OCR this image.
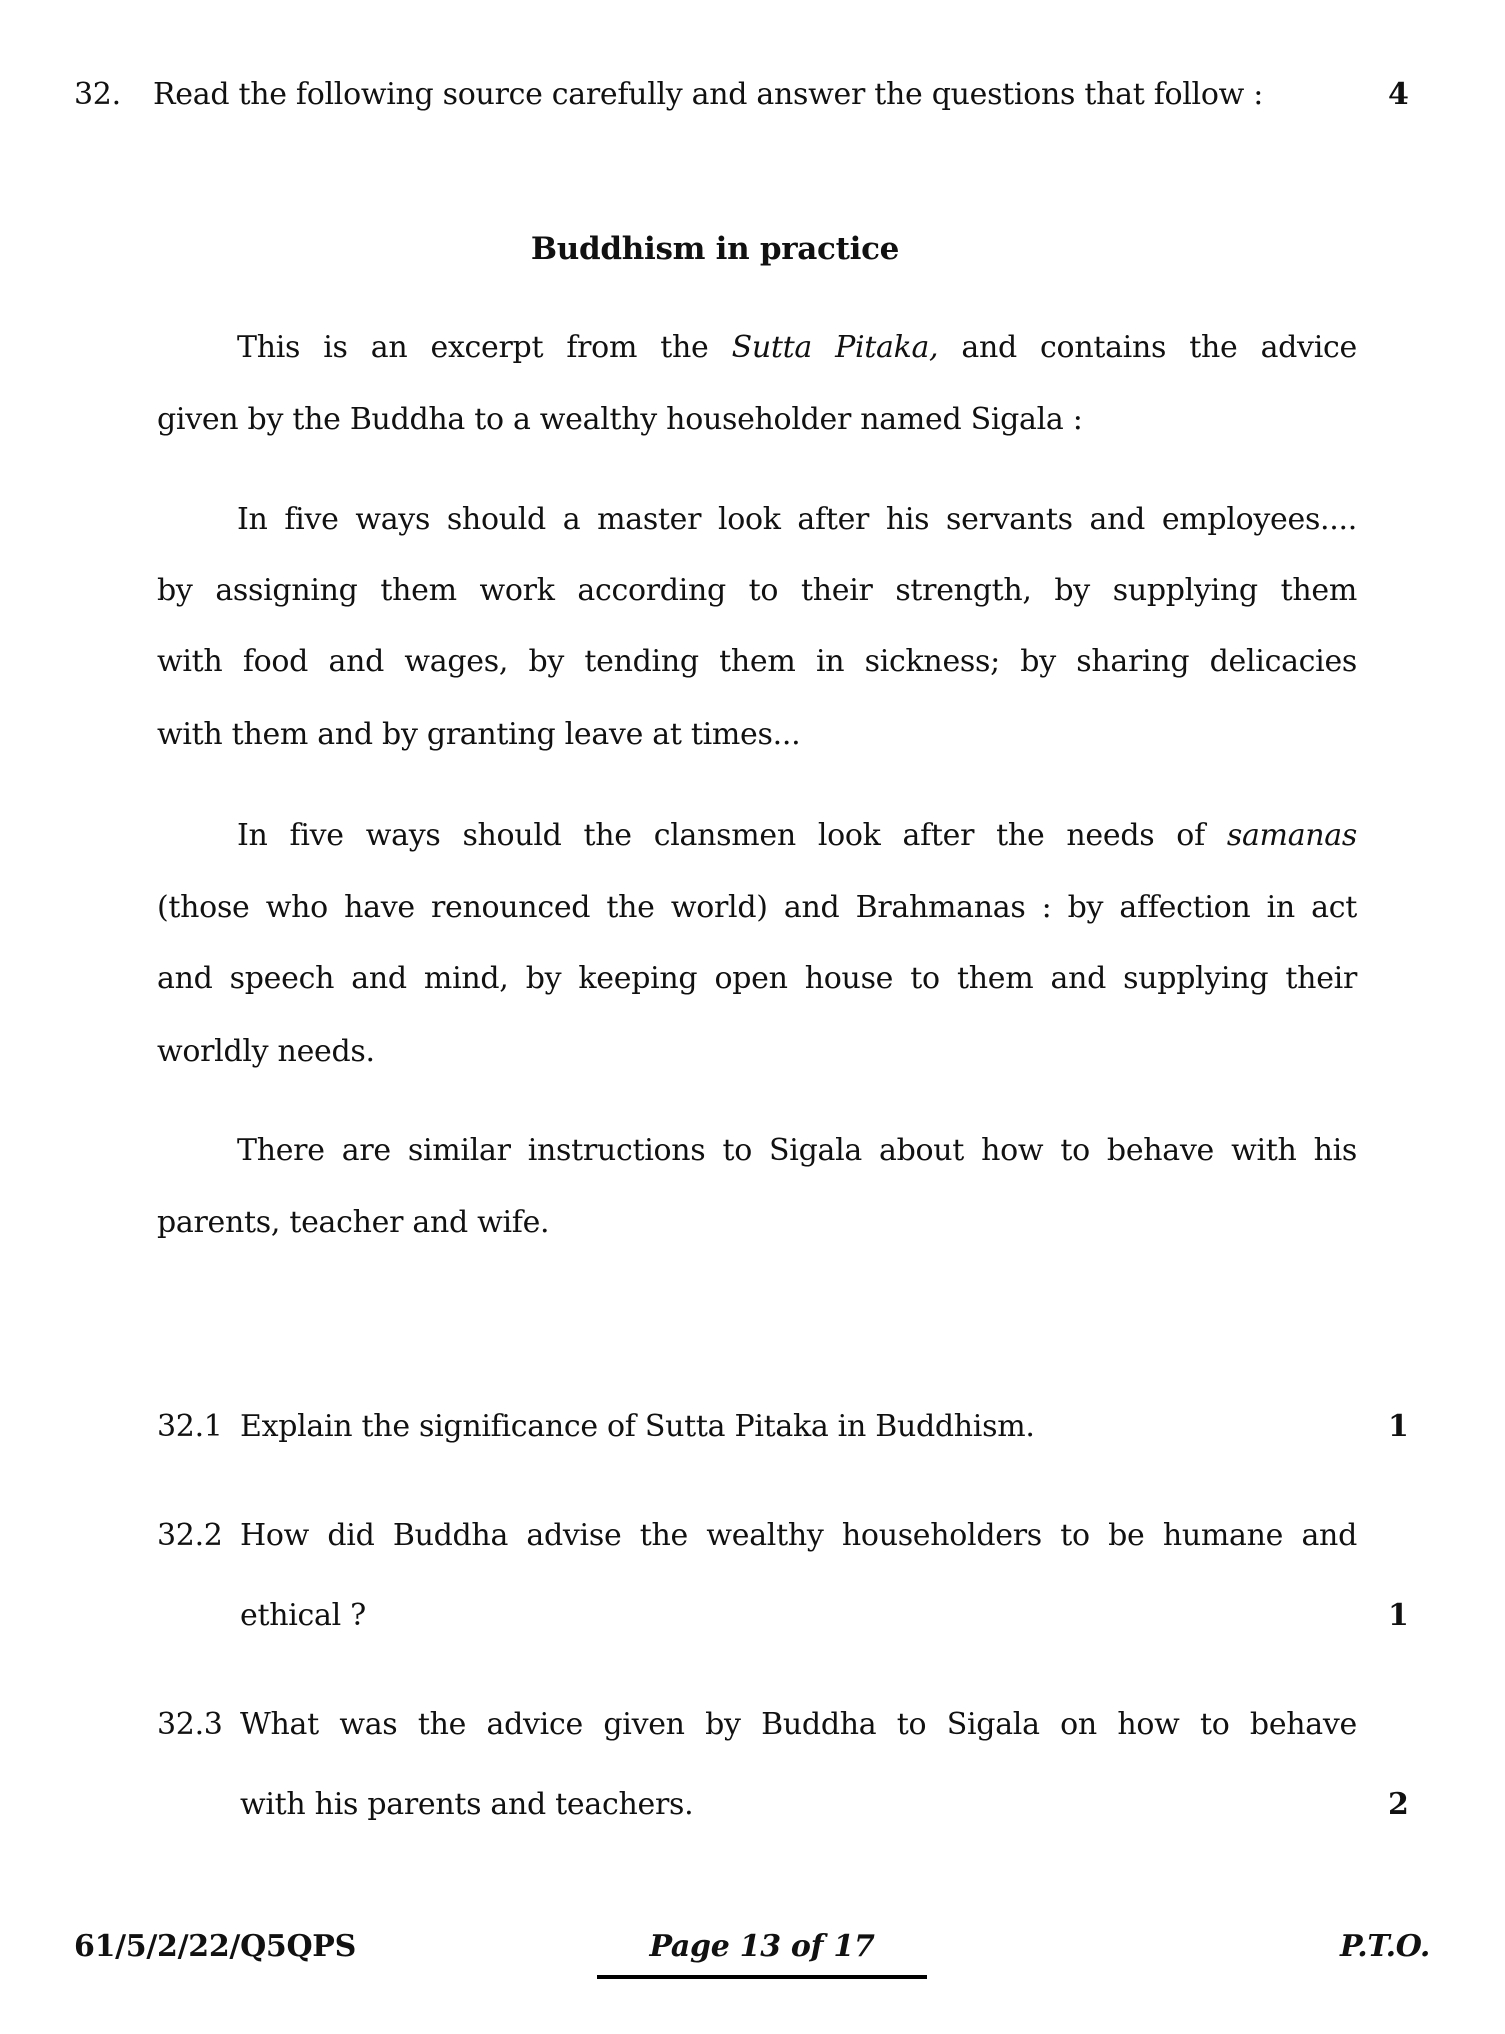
32. Read the following source carefully and answer the questions that follow :	4
Buddhism in practice
This is an excerpt from the Sutta Pitaka, and contains the advice
given by the Buddha to a wealthy householder named Sigala :
In five ways should a master look after his servants and employees....
by assigning them work according to their strength, by supplying them
with food and wages, by tending them in sickness; by sharing delicacies
with them and by granting leave at times...
In five ways should the clansmen look after the needs of samanas
(those who have renounced the world) and Brahmanas : by affection in act
and speech and mind, by keeping open house to them and supplying their
worldly needs.
There are similar instructions to Sigala about how to behave with his
parents, teacher and wife.
32.1 Explain the significance of Sutta Pitaka in Buddhism.	1
32.2 How did Buddha advise the wealthy householders to be humane and
ethical ?	1
32.3 What was the advice given by Buddha to Sigala on how to behave
with his parents and teachers.	2
61/5/2/22/Q5QPS	Page 13 of 17	P.T.O.
